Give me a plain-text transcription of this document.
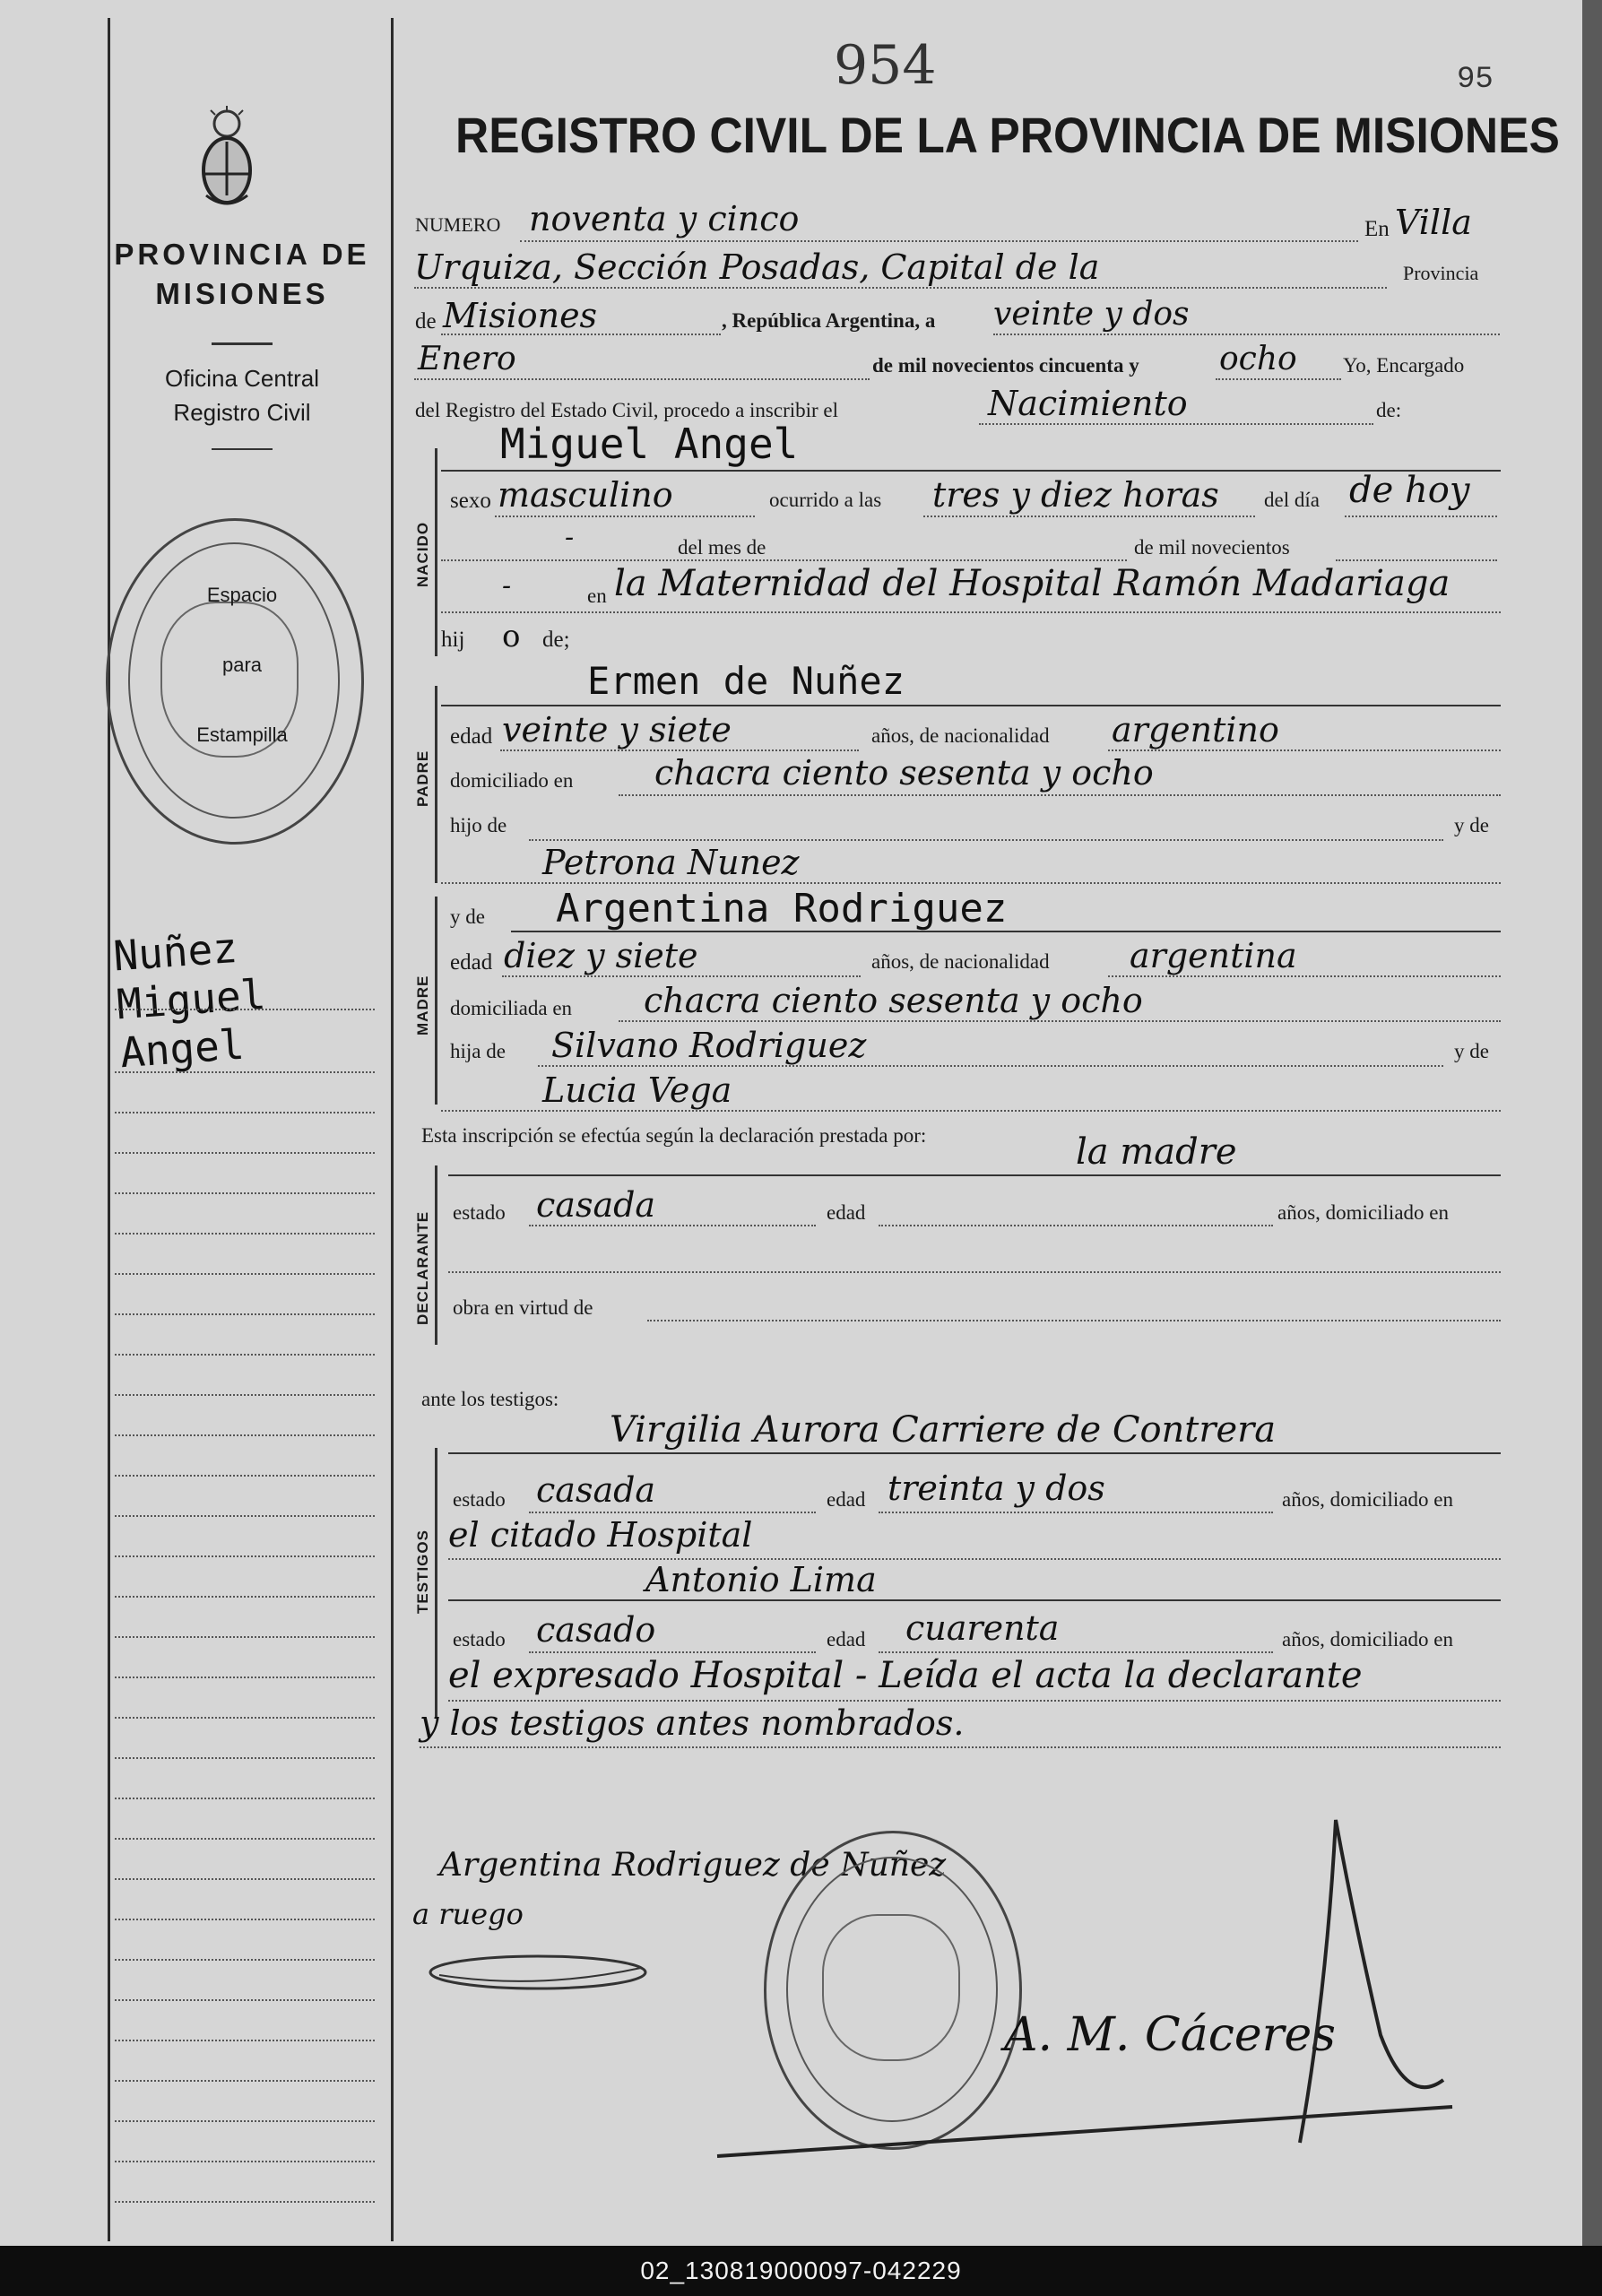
954	95
PROVINCIA DE MISIONES
Oficina Central Registro Civil
Espacio para Estampilla
Nuñez Miguel Angel
REGISTRO CIVIL DE LA PROVINCIA DE MISIONES
NUMERO noventa y cinco	En Villa
Urquiza, Sección Posadas, Capital de la	Provincia
de Misiones	, República Argentina, a veinte y dos
Enero	de mil novecientos cincuenta y ocho Yo, Encargado
del Registro del Estado Civil, procedo a inscribir el	Nacimiento	de:
NACIDO
Miguel Angel
sexo masculino	ocurrido a las tres y diez horas del día de hoy
-	del mes de	de mil novecientos
-	en la Maternidad del Hospital Ramón Madariaga
hij o de;
PADRE
Ermen de Nuñez
edad veinte y siete	años, de nacionalidad argentino
domiciliado en chacra ciento sesenta y ocho
hijo de	y de
Petrona Nunez
MADRE
y de Argentina Rodriguez
edad diez y siete	años, de nacionalidad argentina
domiciliada en chacra ciento sesenta y ocho
hija de Silvano Rodriguez	y de
Lucia Vega
Esta inscripción se efectúa según la declaración prestada por:	la madre
DECLARANTE estado casada	edad	años, domiciliado en
obra en virtud de
ante los testigos:
Virgilia Aurora Carriere de Contrera
TESTIGOS
estado casada	edad treinta y dos	años, domiciliado en
el citado Hospital
Antonio Lima
estado casado	edad cuarenta	años, domiciliado en
el expresado Hospital - Leída el acta la declarante
y los testigos antes nombrados.
Argentina Rodriguez de Nuñez
a ruego
A. M. Cáceres
02_130819000097-042229
